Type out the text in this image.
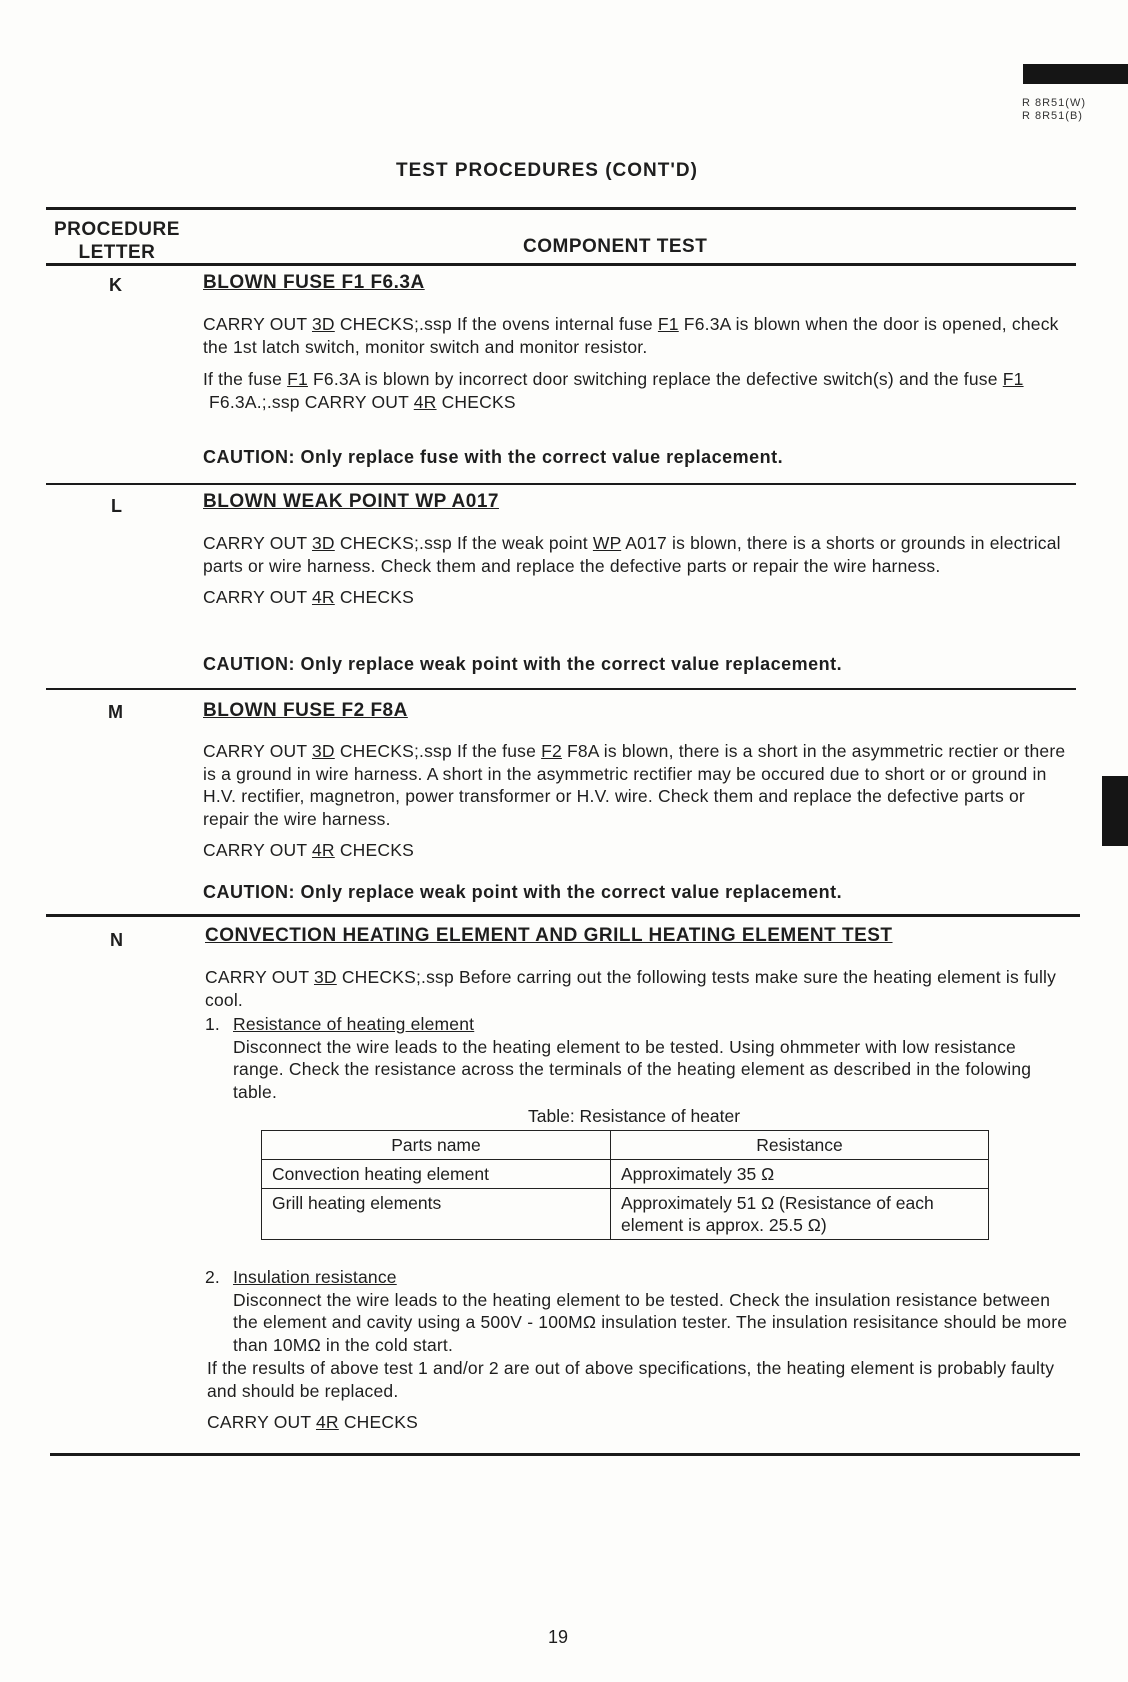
R 8R51(W)
R 8R51(B)
TEST PROCEDURES (CONT'D)
PROCEDURE
LETTER	COMPONENT TEST
K	BLOWN FUSE F1 F6.3A

CARRY OUT 3D CHECKS;.ssp If the ovens internal fuse F1 F6.3A is blown when the door is opened, check the 1st latch switch, monitor switch and monitor resistor.

If the fuse F1 F6.3A is blown by incorrect door switching replace the defective switch(s) and the fuse F1

F6.3A.;.ssp CARRY OUT 4R CHECKS

CAUTION: Only replace fuse with the correct value replacement.
L	BLOWN WEAK POINT WP A017

CARRY OUT 3D CHECKS;.ssp If the weak point WP A017 is blown, there is a shorts or grounds in electrical parts or wire harness. Check them and replace the defective parts or repair the wire harness.

CARRY OUT 4R CHECKS

CAUTION: Only replace weak point with the correct value replacement.
M	BLOWN FUSE F2 F8A

CARRY OUT 3D CHECKS;.ssp If the fuse F2 F8A is blown, there is a short in the asymmetric rectier or there is a ground in wire harness. A short in the asymmetric rectifier may be occured due to short or or ground in H.V. rectifier, magnetron, power transformer or H.V. wire. Check them and replace the defective parts or repair the wire harness.

CARRY OUT 4R CHECKS

CAUTION: Only replace weak point with the correct value replacement.
N	CONVECTION HEATING ELEMENT AND GRILL HEATING ELEMENT TEST

CARRY OUT 3D CHECKS;.ssp Before carring out the following tests make sure the heating element is fully cool.

1. Resistance of heating element

Disconnect the wire leads to the heating element to be tested. Using ohmmeter with low resistance range. Check the resistance across the terminals of the heating element as described in the folowing table.

Table: Resistance of heater
Parts name	Resistance
Convection heating element	Approximately 35 Ω
Grill heating elements	Approximately 51 Ω (Resistance of each element is approx. 25.5 Ω)
2. Insulation resistance

Disconnect the wire leads to the heating element to be tested. Check the insulation resistance between the element and cavity using a 500V - 100MΩ insulation tester. The insulation resisitance should be more than 10MΩ in the cold start.

If the results of above test 1 and/or 2 are out of above specifications, the heating element is probably faulty and should be replaced.

CARRY OUT 4R CHECKS

19
